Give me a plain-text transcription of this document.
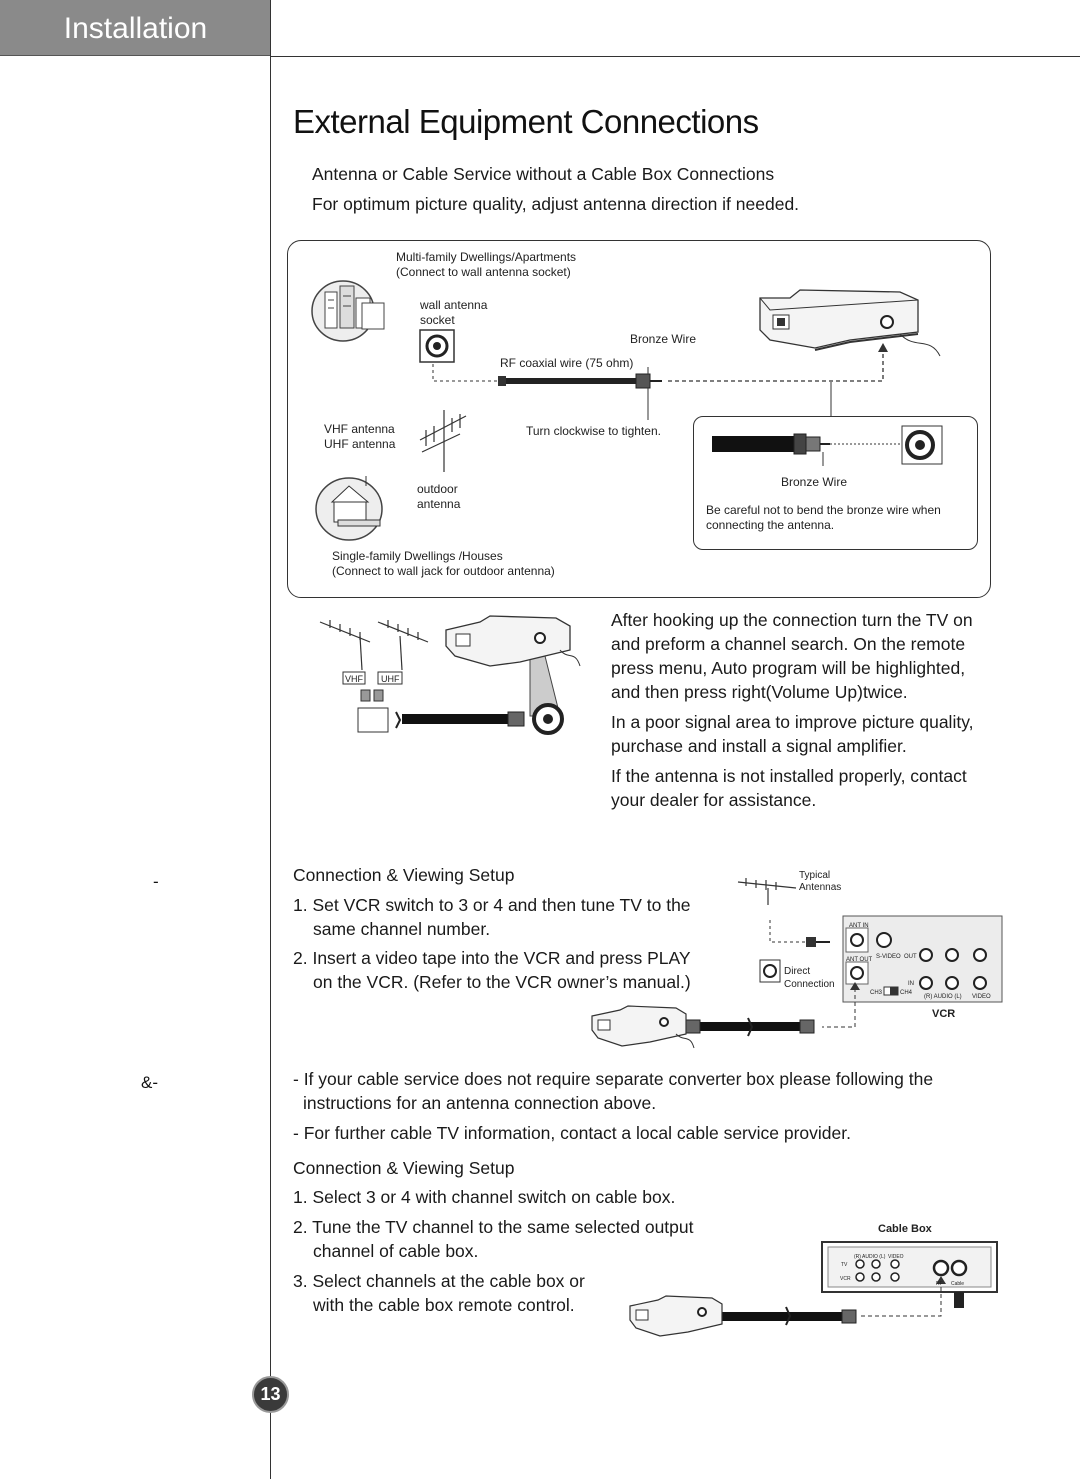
Installation
External Equipment Connections
Antenna or Cable Service without a Cable Box Connections
For optimum picture quality, adjust antenna direction if needed.
Multi-family Dwellings/Apartments
(Connect to wall antenna socket)
wall antenna
socket
Bronze Wire
RF coaxial wire (75 ohm)
VHF antenna
UHF antenna
Turn clockwise to tighten.
outdoor
antenna
Bronze Wire
Be careful not to bend the bronze wire when
connecting the antenna.
Single-family Dwellings /Houses
(Connect to wall jack for outdoor antenna)
VHF UHF
After hooking up the connection turn the TV on
and preform a channel search. On the remote
press menu, Auto program will be highlighted,
and then press right(Volume Up)twice.
In a poor signal area to improve picture quality,
purchase and install a signal amplifier.
If the antenna is not installed properly, contact
your dealer for assistance.
-	Connection & Viewing Setup
1. Set VCR switch to 3 or 4 and then tune TV to the
same channel number.
2. Insert a video tape into the VCR and press PLAY
on the VCR. (Refer to the VCR owner’s manual.)
Typical
Antennas
Direct
Connection
ANT IN
ANT OUT S-VIDEO OUT
IN
CH3	CH4
(R) AUDIO (L) VIDEO
VCR
&-	- If your cable service does not require separate converter box please following the
instructions for an antenna connection above.
- For further cable TV information, contact a local cable service provider.
Connection & Viewing Setup
1. Select 3 or 4 with channel switch on cable box.
2. Tune the TV channel to the same selected output
channel of cable box.
3. Select channels at the cable box or
with the cable box remote control.
Cable Box
(R) AUDIO (L) VIDEO
TV
VCR
RF Cable
13
